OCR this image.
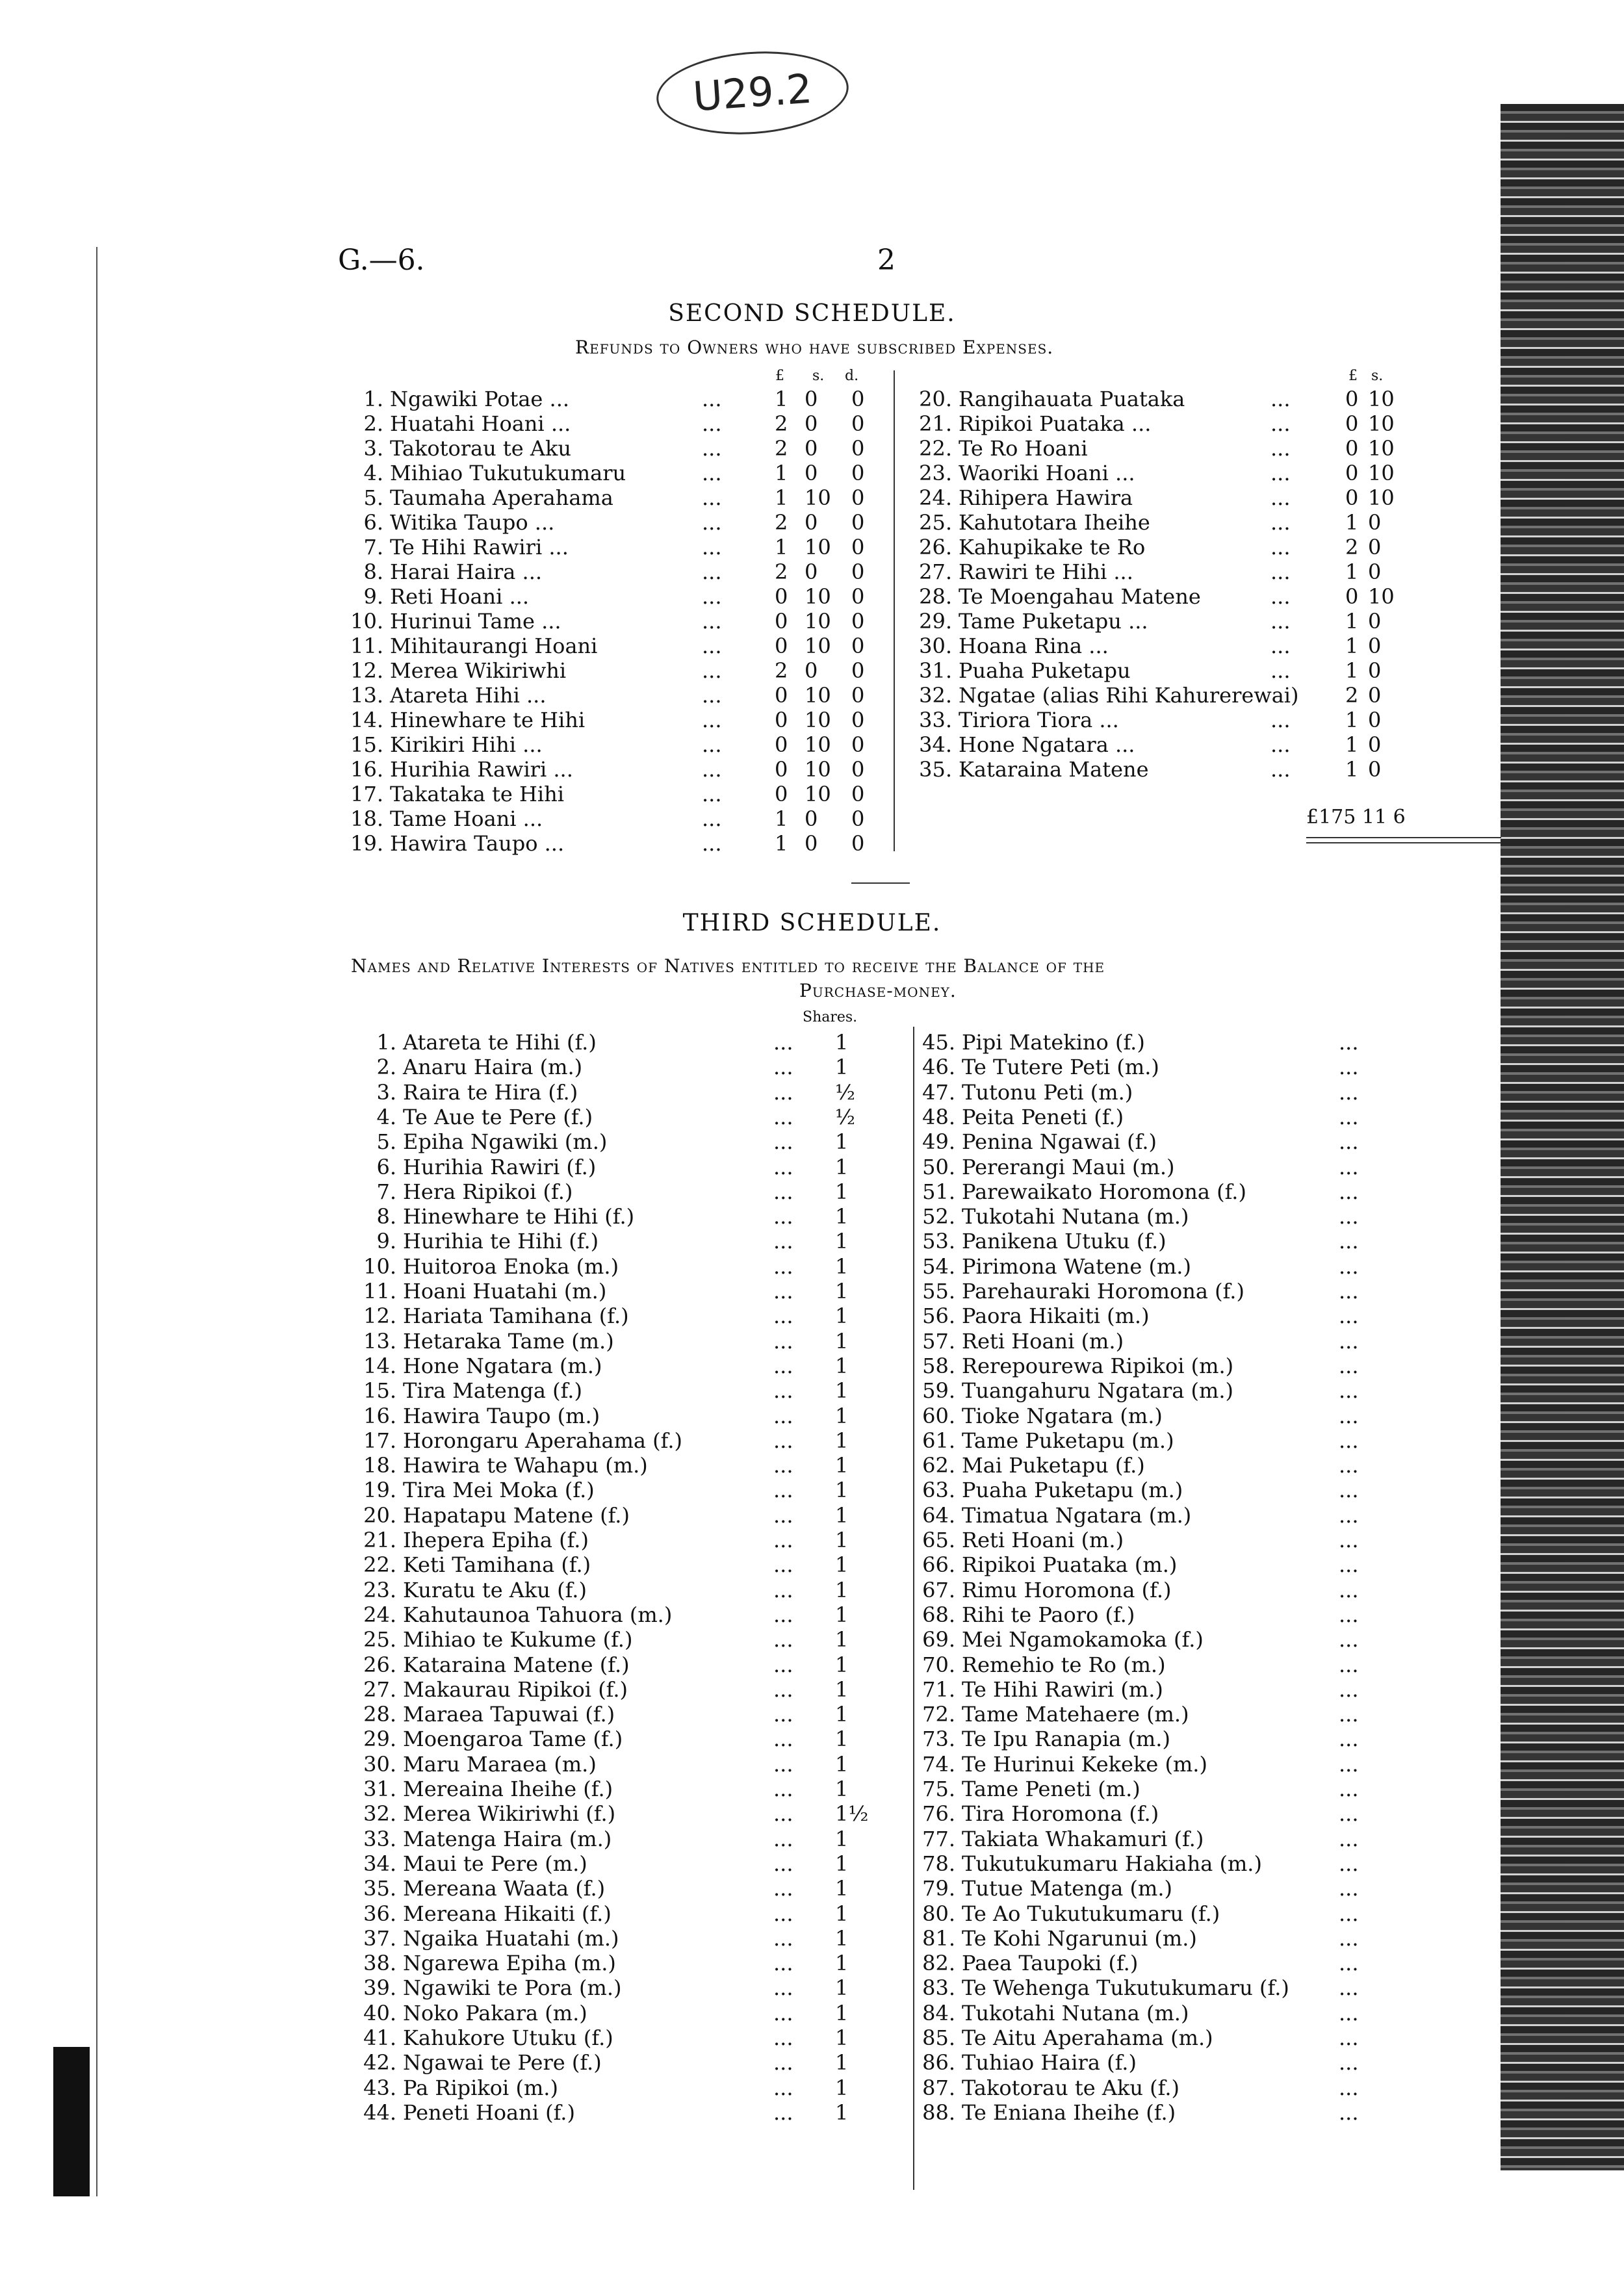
U29.2
G.—6.	2
SECOND SCHEDULE.
Refunds to Owners who have subscribed Expenses.
£ s. d.	£ s.
1.Ngawiki Potae ...	...	1 0 0
2.Huatahi Hoani ...	...	2 0 0
3.Takotorau te Aku	...	2 0 0
4.Mihiao Tukutukumaru	...	1 0 0
5.Taumaha Aperahama	...	1 10 0
6.Witika Taupo ...	...	2 0 0
7.Te Hihi Rawiri ...	...	1 10 0
8.Harai Haira ...	...	2 0 0
9.Reti Hoani ...	...	0 10 0
10.Hurinui Tame ...	...	0 10 0
11.Mihitaurangi Hoani	...	0 10 0
12.Merea Wikiriwhi	...	2 0 0
13.Atareta Hihi ...	...	0 10 0
14.Hinewhare te Hihi	...	0 10 0
15.Kirikiri Hihi ...	...	0 10 0
16.Hurihia Rawiri ...	...	0 10 0
17.Takataka te Hihi	...	0 10 0
18.Tame Hoani ...	...	1 0 0
19.Hawira Taupo ...	...	1 0 0
20.Rangihauata Puataka	...	0 10
21.Ripikoi Puataka ...	...	0 10
22.Te Ro Hoani	...	0 10
23.Waoriki Hoani ...	...	0 10
24.Rihipera Hawira	...	0 10
25.Kahutotara Iheihe	...	1 0
26.Kahupikake te Ro	...	2 0
27.Rawiri te Hihi ...	...	1 0
28.Te Moengahau Matene	...	0 10
29.Tame Puketapu ...	...	1 0
30.Hoana Rina ...	...	1 0
31.Puaha Puketapu	...	1 0
32.Ngatae (alias Rihi Kahurerewai) 2 0
33.Tiriora Tiora ...	...	1 0
34.Hone Ngatara ...	...	1 0
35.Kataraina Matene	...	1 0
£175 11 6
THIRD SCHEDULE.
Names and Relative Interests of Natives entitled to receive the Balance of the
Purchase-money.
Shares.
1.Atareta te Hihi (f.)	... 1
2.Anaru Haira (m.)	... 1
3.Raira te Hira (f.)	... ½
4.Te Aue te Pere (f.)	... ½
5.Epiha Ngawiki (m.)	... 1
6.Hurihia Rawiri (f.)	... 1
7.Hera Ripikoi (f.)	... 1
8.Hinewhare te Hihi (f.)	... 1
9.Hurihia te Hihi (f.)	... 1
10.Huitoroa Enoka (m.)	... 1
11.Hoani Huatahi (m.)	... 1
12.Hariata Tamihana (f.)	... 1
13.Hetaraka Tame (m.)	... 1
14.Hone Ngatara (m.)	... 1
15.Tira Matenga (f.)	... 1
16.Hawira Taupo (m.)	... 1
17.Horongaru Aperahama (f.)	... 1
18.Hawira te Wahapu (m.)	... 1
19.Tira Mei Moka (f.)	... 1
20.Hapatapu Matene (f.)	... 1
21.Ihepera Epiha (f.)	... 1
22.Keti Tamihana (f.)	... 1
23.Kuratu te Aku (f.)	... 1
24.Kahutaunoa Tahuora (m.)	... 1
25.Mihiao te Kukume (f.)	... 1
26.Kataraina Matene (f.)	... 1
27.Makaurau Ripikoi (f.)	... 1
28.Maraea Tapuwai (f.)	... 1
29.Moengaroa Tame (f.)	... 1
30.Maru Maraea (m.)	... 1
31.Mereaina Iheihe (f.)	... 1
32.Merea Wikiriwhi (f.)	... 1½
33.Matenga Haira (m.)	... 1
34.Maui te Pere (m.)	... 1
35.Mereana Waata (f.)	... 1
36.Mereana Hikaiti (f.)	... 1
37.Ngaika Huatahi (m.)	... 1
38.Ngarewa Epiha (m.)	... 1
39.Ngawiki te Pora (m.)	... 1
40.Noko Pakara (m.)	... 1
41.Kahukore Utuku (f.)	... 1
42.Ngawai te Pere (f.)	... 1
43.Pa Ripikoi (m.)	... 1
44.Peneti Hoani (f.)	... 1
45.Pipi Matekino (f.)	...
46.Te Tutere Peti (m.)	...
47.Tutonu Peti (m.)	...
48.Peita Peneti (f.)	...
49.Penina Ngawai (f.)	...
50.Pererangi Maui (m.)	...
51.Parewaikato Horomona (f.)	...
52.Tukotahi Nutana (m.)	...
53.Panikena Utuku (f.)	...
54.Pirimona Watene (m.)	...
55.Parehauraki Horomona (f.)	...
56.Paora Hikaiti (m.)	...
57.Reti Hoani (m.)	...
58.Rerepourewa Ripikoi (m.)	...
59.Tuangahuru Ngatara (m.)	...
60.Tioke Ngatara (m.)	...
61.Tame Puketapu (m.)	...
62.Mai Puketapu (f.)	...
63.Puaha Puketapu (m.)	...
64.Timatua Ngatara (m.)	...
65.Reti Hoani (m.)	...
66.Ripikoi Puataka (m.)	...
67.Rimu Horomona (f.)	...
68.Rihi te Paoro (f.)	...
69.Mei Ngamokamoka (f.)	...
70.Remehio te Ro (m.)	...
71.Te Hihi Rawiri (m.)	...
72.Tame Matehaere (m.)	...
73.Te Ipu Ranapia (m.)	...
74.Te Hurinui Kekeke (m.)	...
75.Tame Peneti (m.)	...
76.Tira Horomona (f.)	...
77.Takiata Whakamuri (f.)	...
78.Tukutukumaru Hakiaha (m.)	...
79.Tutue Matenga (m.)	...
80.Te Ao Tukutukumaru (f.)	...
81.Te Kohi Ngarunui (m.)	...
82.Paea Taupoki (f.)	...
83.Te Wehenga Tukutukumaru (f.) ...
84.Tukotahi Nutana (m.)	...
85.Te Aitu Aperahama (m.)	...
86.Tuhiao Haira (f.)	...
87.Takotorau te Aku (f.)	...
88.Te Eniana Iheihe (f.)	...
